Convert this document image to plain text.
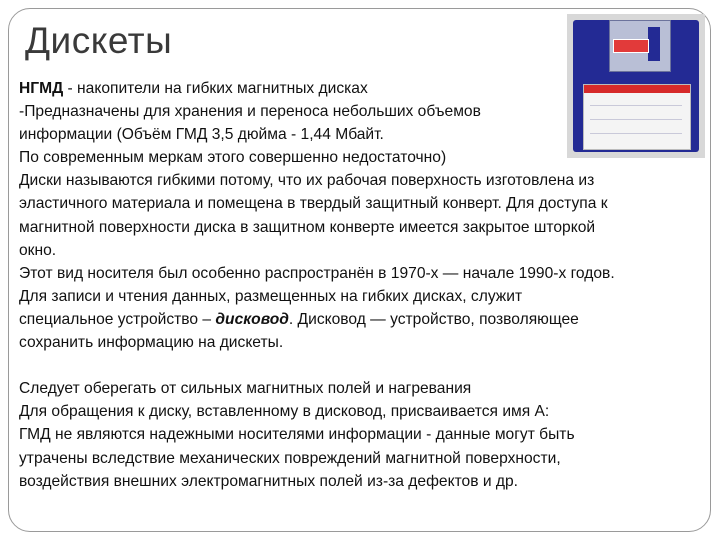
Дискеты
НГМД - накопители на гибких магнитных дисках
-Предназначены для хранения и переноса небольших объемов
информации (Объём ГМД 3,5 дюйма - 1,44 Мбайт.
По современным меркам этого совершенно недостаточно)
Диски называются гибкими потому, что их рабочая поверхность изготовлена из
эластичного материала и помещена в твердый защитный конверт. Для доступа к
магнитной поверхности диска в защитном конверте имеется закрытое шторкой
окно.
Этот вид носителя был особенно распространён в 1970-х — начале 1990-х годов.
Для записи и чтения данных, размещенных на гибких дисках, служит
специальное устройство – дисковод. Дисковод — устройство, позволяющее
сохранить информацию на дискеты.
Следует оберегать от сильных магнитных полей и нагревания
Для обращения к диску, вставленному в дисковод, присваивается имя А:
ГМД не являются надежными носителями информации - данные могут быть
утрачены вследствие механических повреждений магнитной поверхности,
воздействия внешних электромагнитных полей из-за дефектов и др.
